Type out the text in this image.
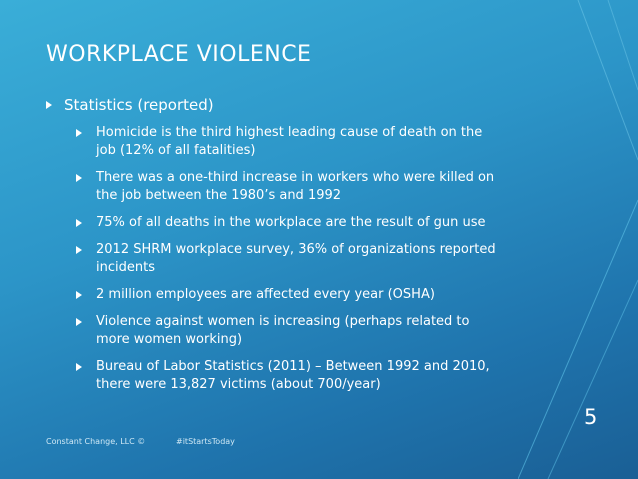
WORKPLACE VIOLENCE
Statistics (reported)
Homicide is the third highest leading cause of death on the job (12% of all fatalities)
There was a one-third increase in workers who were killed on the job between the 1980’s and 1992
75% of all deaths in the workplace are the result of gun use
2012 SHRM workplace survey, 36% of organizations reported incidents
2 million employees are affected every year (OSHA)
Violence against women is increasing (perhaps related to more women working)
Bureau of Labor Statistics (2011) – Between 1992 and 2010, there were 13,827 victims (about 700/year)
5
Constant Change, LLC ©	#itStartsToday
